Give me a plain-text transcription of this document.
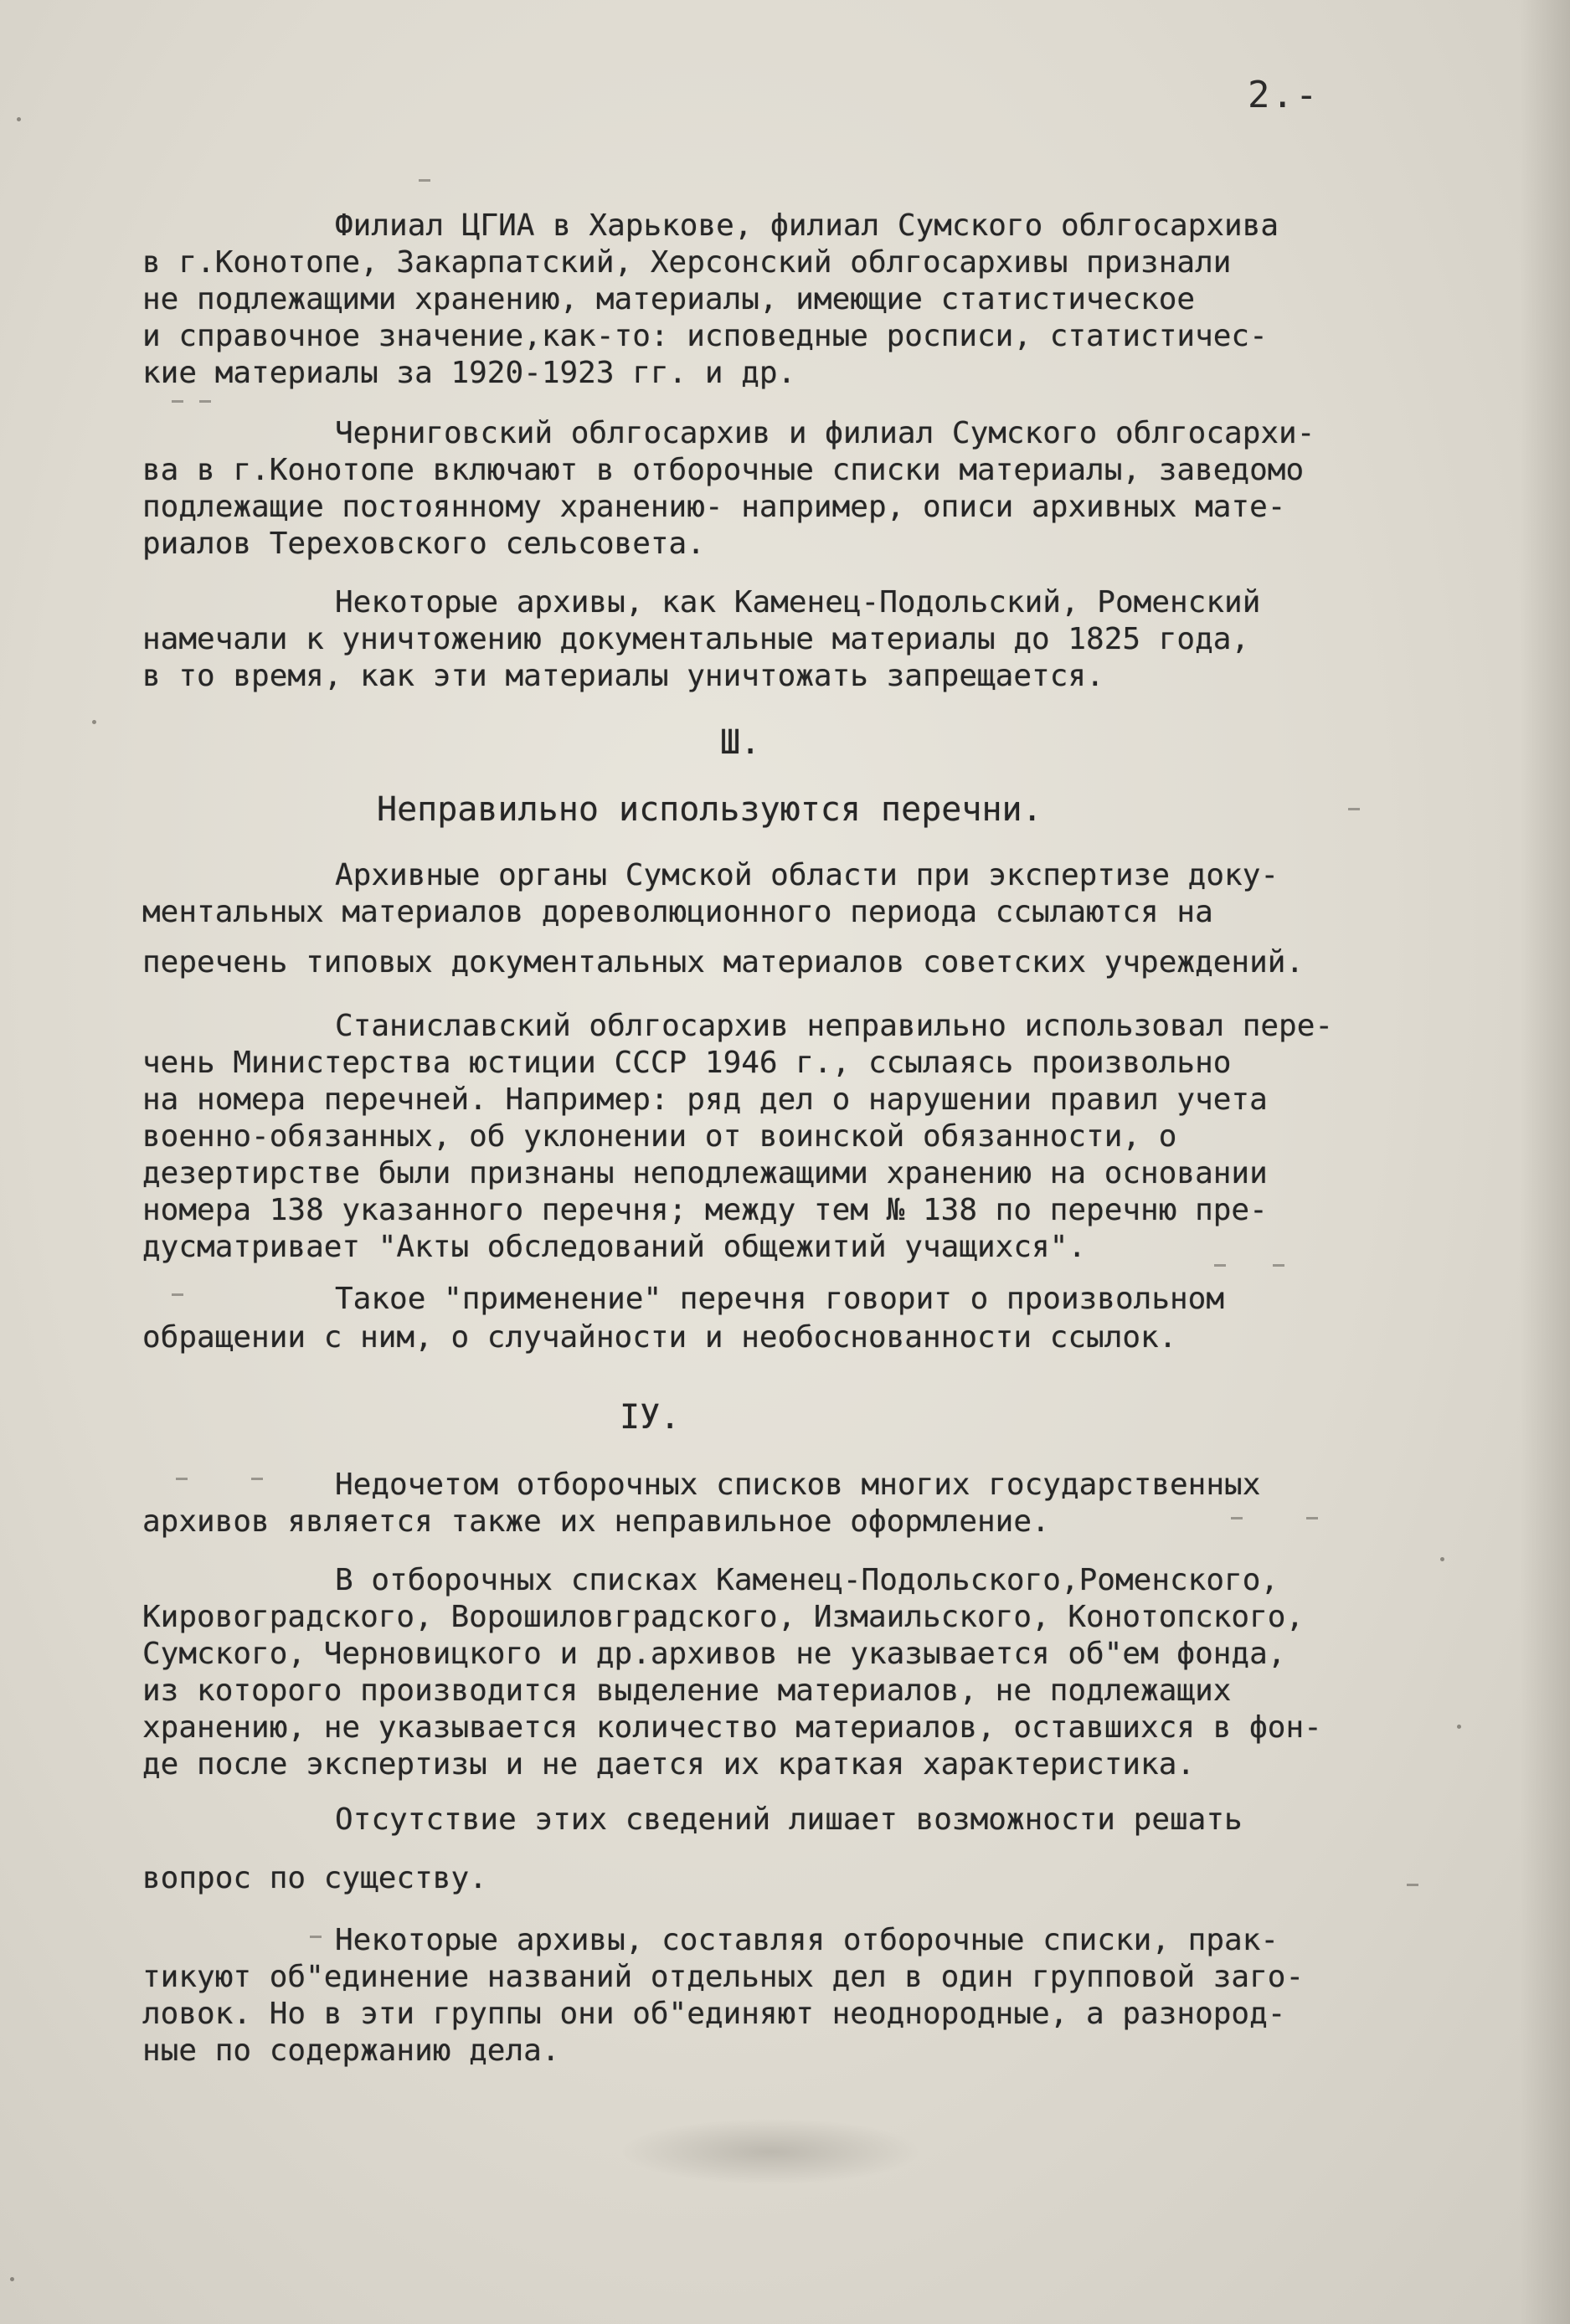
2.-

Филиал ЦГИА в Харькове, филиал Сумского облгосархива

в г.Конотопе, Закарпатский, Херсонский облгосархивы признали

не подлежащими хранению, материалы, имеющие статистическое

и справочное значение,как-то: исповедные росписи, статистичес-

кие материалы за 1920-1923 гг. и др.

Черниговский облгосархив и филиал Сумского облгосархи-

ва в г.Конотопе включают в отборочные списки материалы, заведомо

подлежащие постоянному хранению- например, описи архивных мате-

риалов Тереховского сельсовета.

Некоторые архивы, как Каменец-Подольский, Роменский

намечали к уничтожению документальные материалы до 1825 года,

в то время, как эти материалы уничтожать запрещается.

Ш.

Неправильно используются перечни.

Архивные органы Сумской области при экспертизе доку-

ментальных материалов дореволюционного периода ссылаются на

перечень типовых документальных материалов советских учреждений.

Станиславский облгосархив неправильно использовал пере-

чень Министерства юстиции СССР 1946 г., ссылаясь произвольно

на номера перечней. Например: ряд дел о нарушении правил учета

военно-обязанных, об уклонении от воинской обязанности, о

дезертирстве были признаны неподлежащими хранению на основании

номера 138 указанного перечня; между тем № 138 по перечню пре-

дусматривает "Акты обследований общежитий учащихся".

Такое "применение" перечня говорит о произвольном

обращении с ним, о случайности и необоснованности ссылок.

IУ.

Недочетом отборочных списков многих государственных

архивов является также их неправильное оформление.

В отборочных списках Каменец-Подольского,Роменского,

Кировоградского, Ворошиловградского, Измаильского, Конотопского,

Сумского, Черновицкого и др.архивов не указывается об"ем фонда,

из которого производится выделение материалов, не подлежащих

хранению, не указывается количество материалов, оставшихся в фон-

де после экспертизы и не дается их краткая характеристика.

Отсутствие этих сведений лишает возможности решать

вопрос по существу.

Некоторые архивы, составляя отборочные списки, прак-

тикуют об"единение названий отдельных дел в один групповой заго-

ловок. Но в эти группы они об"единяют неоднородные, а разнород-

ные по содержанию дела.
